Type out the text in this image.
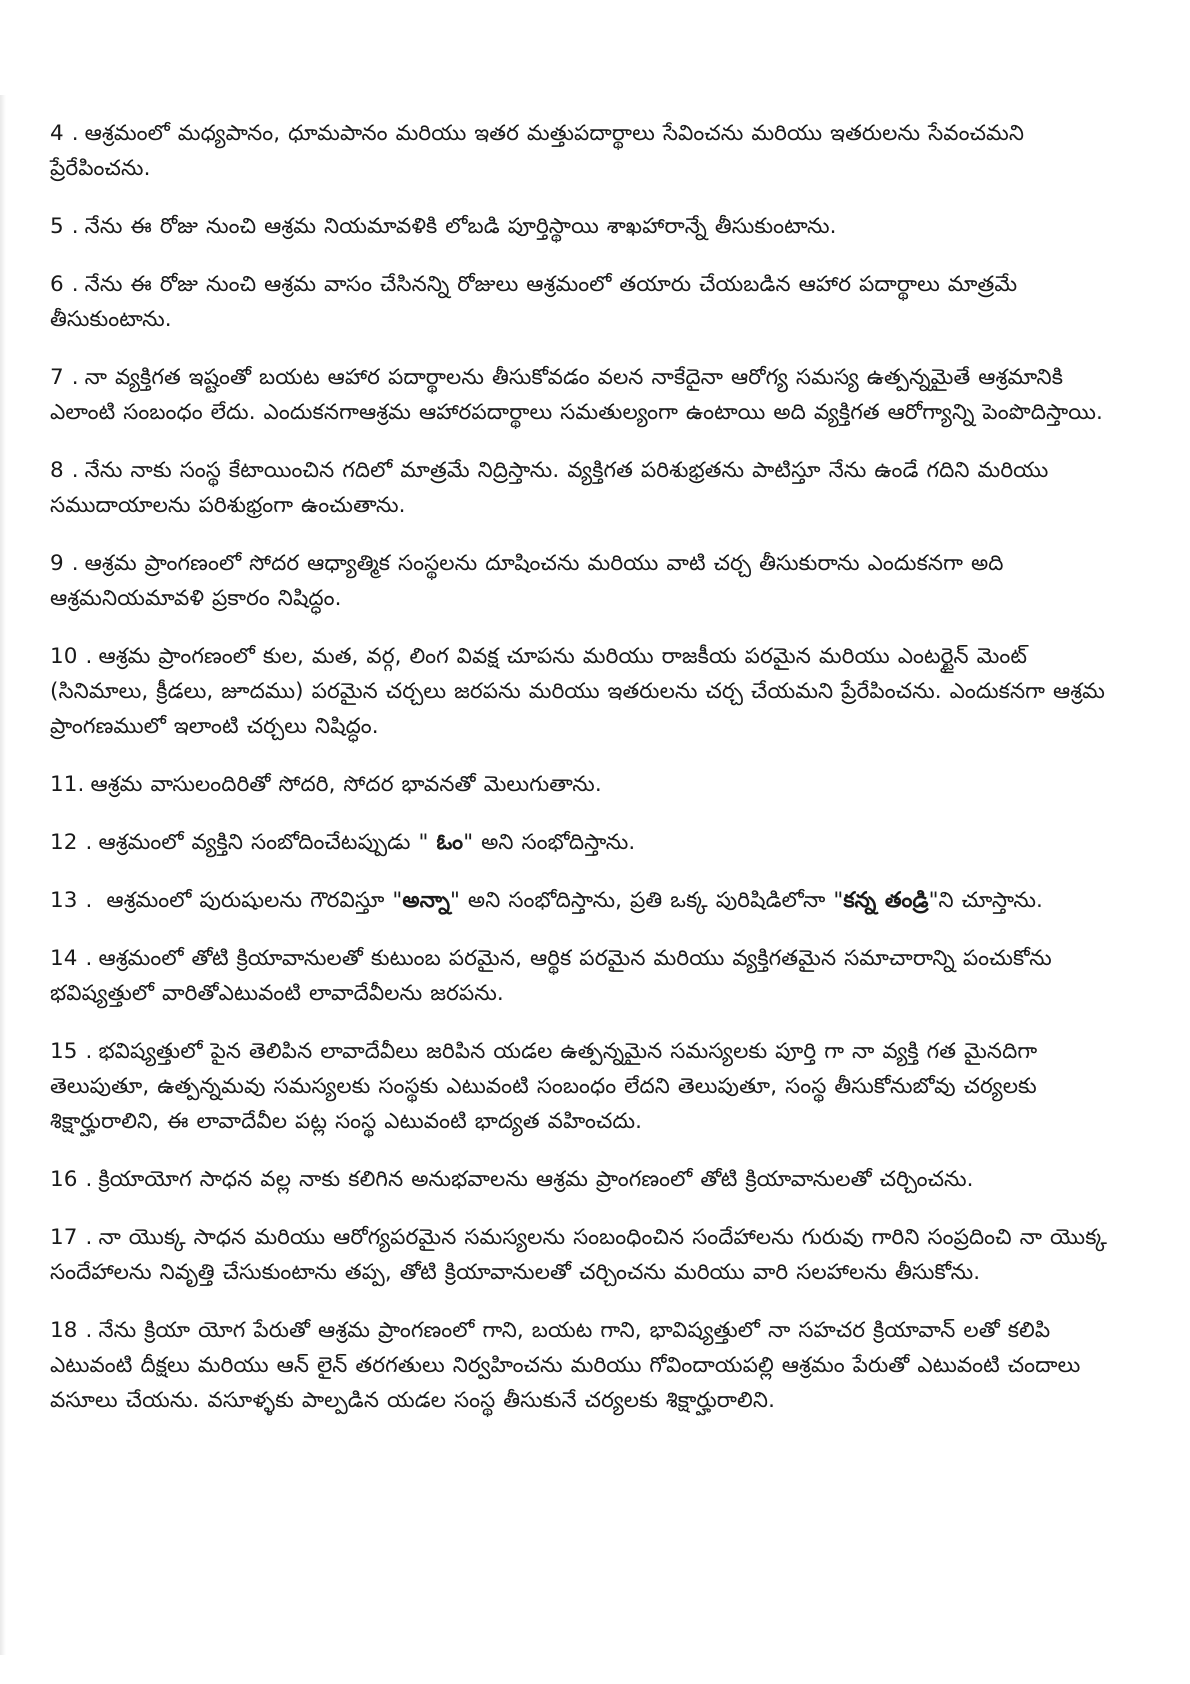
4 . ఆశ్రమంలో మధ్యపానం, ధూమపానం మరియు ఇతర మత్తుపదార్థాలు సేవించను మరియు ఇతరులను సేవంచమని ప్రేరేపించను.

5 . నేను ఈ రోజు నుంచి ఆశ్రమ నియమావళికి లోబడి పూర్తిస్థాయి శాఖహారాన్నే తీసుకుంటాను.

6 . నేను ఈ రోజు నుంచి ఆశ్రమ వాసం చేసినన్ని రోజులు ఆశ్రమంలో తయారు చేయబడిన ఆహార పదార్థాలు మాత్రమే తీసుకుంటాను.

7 . నా వ్యక్తిగత ఇష్టంతో బయట ఆహార పదార్థాలను తీసుకోవడం వలన నాకేదైనా ఆరోగ్య సమస్య ఉత్పన్నమైతే ఆశ్రమానికి ఎలాంటి సంబంధం లేదు. ఎందుకనగాఆశ్రమ ఆహారపదార్థాలు సమతుల్యంగా ఉంటాయి అది వ్యక్తిగత ఆరోగ్యాన్ని పెంపొదిస్తాయి.

8 . నేను నాకు సంస్థ కేటాయించిన గదిలో మాత్రమే నిద్రిస్తాను. వ్యక్తిగత పరిశుభ్రతను పాటిస్తూ నేను ఉండే గదిని మరియు సముదాయాలను పరిశుభ్రంగా ఉంచుతాను.

9 . ఆశ్రమ ప్రాంగణంలో సోదర ఆధ్యాత్మిక సంస్థలను దూషించను మరియు వాటి చర్చ తీసుకురాను ఎందుకనగా అది ఆశ్రమనియమావళి ప్రకారం నిషిద్ధం.

10 . ఆశ్రమ ప్రాంగణంలో కుల, మత, వర్గ, లింగ వివక్ష చూపను మరియు రాజకీయ పరమైన మరియు ఎంటర్టైన్ మెంట్ (సినిమాలు, క్రీడలు, జూదము) పరమైన చర్చలు జరపను మరియు ఇతరులను చర్చ చేయమని ప్రేరేపించను. ఎందుకనగా ఆశ్రమ ప్రాంగణములో ఇలాంటి చర్చలు నిషిద్ధం.

11. ఆశ్రమ వాసులందిరితో సోదరి, సోదర భావనతో మెలుగుతాను.

12 . ఆశ్రమంలో వ్యక్తిని సంబోదించేటప్పుడు " ఓం" అని సంభోదిస్తాను.

13 . ఆశ్రమంలో పురుషులను గౌరవిస్తూ "అన్నా" అని సంభోదిస్తాను, ప్రతి ఒక్క పురిషిడిలోనా "కన్న తండ్రి"ని చూస్తాను.

14 . ఆశ్రమంలో తోటి క్రియావానులతో కుటుంబ పరమైన, ఆర్థిక పరమైన మరియు వ్యక్తిగతమైన సమాచారాన్ని పంచుకోను భవిష్యత్తులో వారితోఎటువంటి లావాదేవీలను జరపను.

15 . భవిష్యత్తులో పైన తెలిపిన లావాదేవీలు జరిపిన యడల ఉత్పన్నమైన సమస్యలకు పూర్తి గా నా వ్యక్తి గత మైనదిగా తెలుపుతూ, ఉత్పన్నమవు సమస్యలకు సంస్థకు ఎటువంటి సంబంధం లేదని తెలుపుతూ, సంస్థ తీసుకోనుబోవు చర్యలకు శిక్షార్హురాలిని, ఈ లావాదేవీల పట్ల సంస్థ ఎటువంటి భాద్యత వహించదు.

16 . క్రియాయోగ సాధన వల్ల నాకు కలిగిన అనుభవాలను ఆశ్రమ ప్రాంగణంలో తోటి క్రియావానులతో చర్చించను.

17 . నా యొక్క సాధన మరియు ఆరోగ్యపరమైన సమస్యలను సంబంధించిన సందేహాలను గురువు గారిని సంప్రదించి నా యొక్క సందేహాలను నివృత్తి చేసుకుంటాను తప్ప, తోటి క్రియావానులతో చర్చించను మరియు వారి సలహాలను తీసుకోను.

18 . నేను క్రియా యోగ పేరుతో ఆశ్రమ ప్రాంగణంలో గాని, బయట గాని, భావిష్యత్తులో నా సహచర క్రియావాన్ లతో కలిపి ఎటువంటి దీక్షలు మరియు ఆన్ లైన్ తరగతులు నిర్వహించను మరియు గోవిందాయపల్లి ఆశ్రమం పేరుతో ఎటువంటి చందాలు వసూలు చేయను. వసూళ్ళకు పాల్పడిన యడల సంస్థ తీసుకునే చర్యలకు శిక్షార్హురాలిని.
